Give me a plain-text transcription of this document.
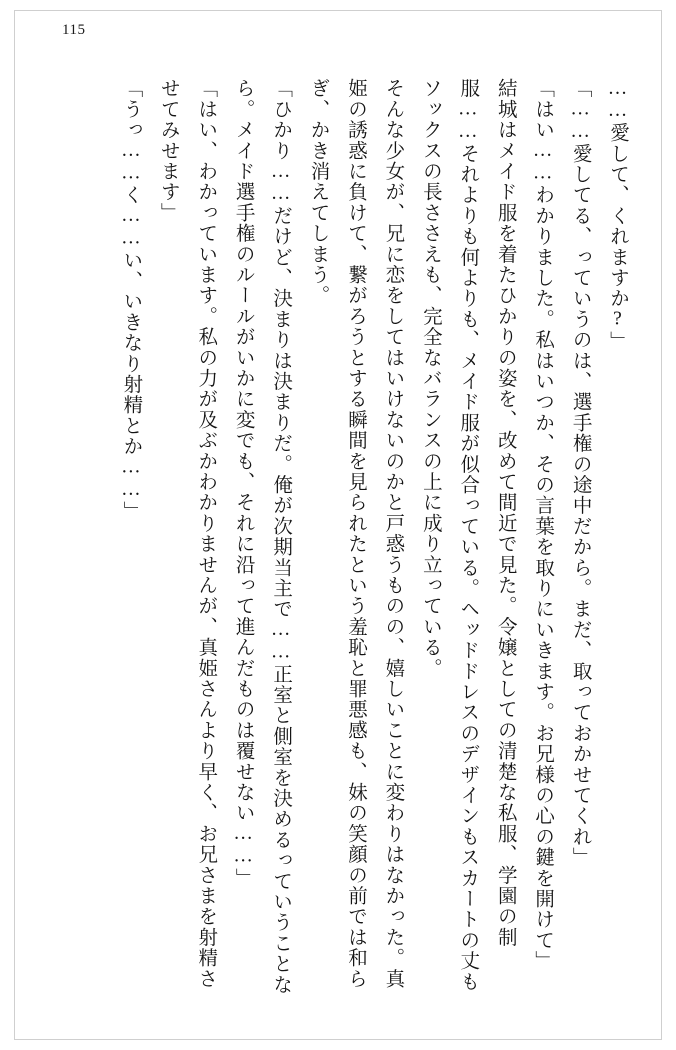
115

……愛して、くれますか?」

「……愛してる、っていうのは、選手権の途中だから。まだ、取っておかせてくれ」

「はい……わかりました。私はいつか、その言葉を取りにいきます。お兄様の心の鍵を開けて」

結城はメイド服を着たひかりの姿を、改めて間近で見た。令嬢としての清楚な私服、学園の制服……それよりも何よりも、メイド服が似合っている。ヘッドドレスのデザインもスカートの丈もソックスの長ささえも、完全なバランスの上に成り立っている。

そんな少女が、兄に恋をしてはいけないのかと戸惑うものの、嬉しいことに変わりはなかった。真姫の誘惑に負けて、繋がろうとする瞬間を見られたという羞恥と罪悪感も、妹の笑顔の前では和らぎ、かき消えてしまう。

「ひかり……だけど、決まりは決まりだ。俺が次期当主で……正室と側室を決めるっていうことなら。メイド選手権のルールがいかに変でも、それに沿って進んだものは覆せない……」

「はい、わかっています。私の力が及ぶかわかりませんが、真姫さんより早く、お兄さまを射精させてみせます」

「うっ……く……い、いきなり射精とか……」
